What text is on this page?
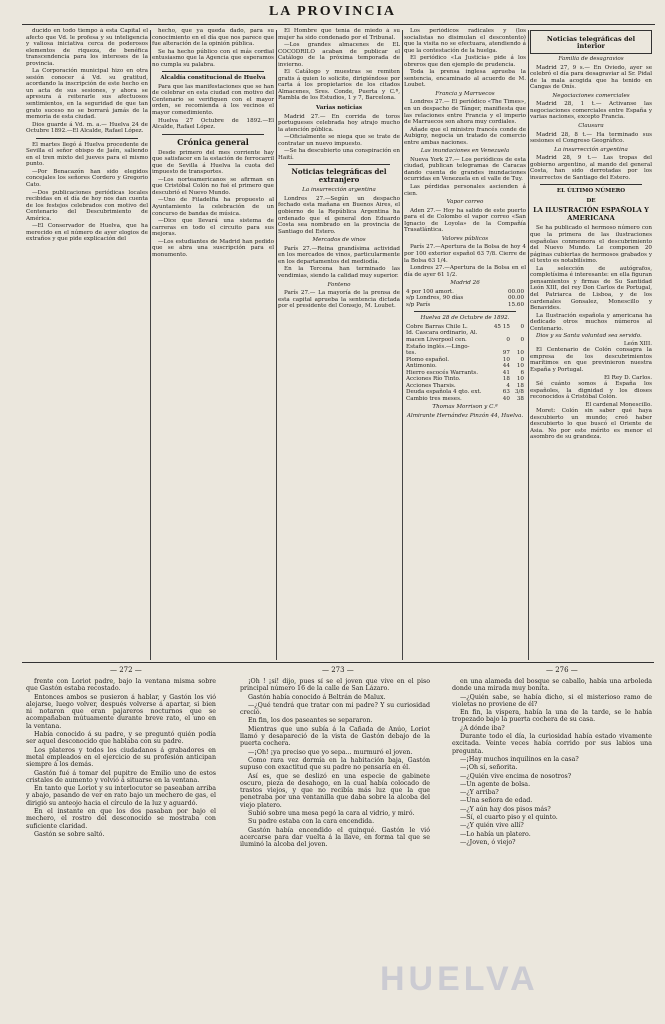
LA PROVINCIA

ducido en todo tiempo á esta Capital el afecto que Vd. le profesa y su inteligencia y valiosa iniciativa cerca de poderosos elementos de riqueza, de benéfica transcendencia para los intereses de la provincia.

La Corporación municipal hizo en otra sesión conocer á Vd. su gratitud, acordando la inscripción de este hecho en un acta de sus sesiones, y ahora se apresura á reiterarle sus afectuosos sentimientos, en la seguridad de que tan grato suceso no se borrará jamás de la memoria de esta ciudad.

Dios guarde á Vd. m. a.— Huelva 24 de Octubre 1892.—El Alcalde, Rafael López.

El martes llegó á Huelva procedente de Sevilla el señor obispo de Jaén, saliendo en el tren mixto del jueves para el mismo punto.

—Por Benacazón han sido elegidos concejales los señores Cordero y Gregorio Cato.

—Dos publicaciones periódicas locales recibidas en el día de hoy nos dan cuenta de los festejos celebrados con motivo del Centenario del Descubrimiento de América.

—El Conservador de Huelva, que ha merecido en el número de ayer elogios de extraños y que pide explicación del

hecho, que ya queda dado, para su conocimiento en el día que nos parece que fue alteración de la opinión pública.

Se ha hecho público con el más cordial entusiasmo que la Agencia que esperamos no cumpla su palabra.

Alcaldía constitucional de Huelva

Para que las manifestaciones que se han de celebrar en esta ciudad con motivo del Centenario se verifiquen con el mayor orden, se recomienda á los vecinos el mayor comedimiento.

Huelva 27 Octubre de 1892.—El Alcalde, Rafael López.

Crónica general

Desde primero del mes corriente hay que satisfacer en la estación de ferrocarril que de Sevilla á Huelva la cuota del impuesto de transportes.

—Los norteamericanos se afirman en que Cristóbal Colón no fué el primero que descubrió el Nuevo Mundo.

—Uno de Filadelfia ha propuesto al Ayuntamiento la celebración de un concurso de bandas de música.

—Dice que llevará una sistema de carreras en todo el circuito para sus mejoras.

—Los estudiantes de Madrid han pedido que se abra una suscripción para el monumento.

El Hombre que tenía de miedo á su mujer ha sido condenado por el Tribunal.

—Los grandes almacenes de EL COCODRILO acaban de publicar el Catálogo de la próxima temporada de invierno.

El Catálogo y muestras se remiten gratis á quien lo solicite, dirigiéndose por carta á los propietarios de los citados Almacenes, Sres. Conde, Puerta y C.ª, Rambla de los Estudios, 1 y 7, Barcelona.

Varias noticias

Madrid 27.— En corrida de toros portugueses celebrada hoy atrajo mucho la atención pública.

—Oficialmente se niega que se trate de contratar un nuevo impuesto.

—Se ha descubierto una conspiración en Haití.

Noticias telegráficas del extranjero
La insurrección argentina

Londres 27.—Según un despacho fechado esta mañana en Buenos Aires, el gobierno de la República Argentina ha ordenado que el general don Eduardo Costa sea nombrado en la provincia de Santiago del Estero.

Mercados de vinos

París 27.—Reina grandísima actividad en los mercados de vinos, particularmente en los departamentos del mediodía.

En la Tercena han terminado las vendimias, siendo la calidad muy superior.

Fonteno

París 27.— La mayoría de la prensa de esta capital aprueba la sentencia dictada por el presidente del Consejo, M. Loubet.

Los periódicos radicales y (los socialistas no disimulan el descontento) que la visita no se efectuara, atendiendo á que la contestación de la huelga.

El periódico «La Justicia» pide á los obreros que den ejemplo de prudencia.

Toda la prensa inglesa aprueba la sentencia, encaminado al acuerdo de M. Loubet.

Francia y Marruecos

Londres 27.— El periódico «The Times», en un despacho de Tánger, manifiesta que las relaciones entre Francia y el imperio de Marruecos son ahora muy cordiales.

Añade que el ministro francés conde de Aubigny, negocia un tratado de comercio entre ambas naciones.

Las inundaciones en Venezuela

Nueva York 27.— Los periódicos de esta ciudad, publican telegramas de Caracas dando cuenta de grandes inundaciones ocurridas en Venezuela en el valle de Tuy.

Las pérdidas personales ascienden á cien.

Vapor correo

Aden 27.— Hoy ha salido de este puerto para el de Colombo el vapor correo «San Ignacio de Loyola» de la Compañía Trasatlántica.

Valores públicos

París 27.—Apertura de la Bolsa de hoy 4 por 100 exterior español 63 7/8. Cierre de la Bolsa 63 1/4.

Londres 27.—Apertura de la Bolsa en el día de ayer 61 1/2.

Madrid 26
4 por 100 amort.	00.00
s/p Londres, 90 días	00.00
s/p París	15.60
Huelva 28 de Octubre de 1892.
Cobre Barras Chile L.	45 15	0
Id. Cascara ordinario, Al.		
macen Liverpool cen.	0	0
Estaño inglés.—Lingo-		
tes.	97	10
Plomo español.	10	0
Antimonio.	44	10
Hierro escocés Warrants.	41	6
Acciones Río Tinto.	18	10
Acciones Tharsis.	4	18
Deuda española 4 qto. ext.	63	3/8
Cambio tres meses.	40	38
Thomas Morrison y C.ª
Almirante Hernández Pinzón 44, Huelva.
Noticias telegráficas del interior
Familia de desagravios

Madrid 27, 9 s.— En Oviedo, ayer se celebró el día para desagraviar al Sr. Pidal de la mala acogida que ha tenido en Cangas de Onís.

Negociaciones comerciales

Madrid 28, 1 t.— Activanse las negociaciones comerciales entre España y varias naciones, excepto Francia.

Clausura

Madrid 28, 8 t.— Ha terminado sus sesiones el Congreso Geográfico.

La insurrección argentina

Madrid 28, 9 t.— Las tropas del gobierno argentino, al mando del general Costa, han sido derrotadas por los insurrectos de Santiago del Estero.

EL ÚLTIMO NÚMERO
DE
LA ILUSTRACIÓN ESPAÑOLA Y AMERICANA

Se ha publicado el hermoso número con que la primera de las ilustraciones españolas conmemora el descubrimiento del Nuevo Mundo. Le componen 20 páginas cubiertas de hermosos grabados y el texto es notabilísimo.

La selección de autógrafos, completísima é interesante: en ella figuran pensamientos y firmas de Su Santidad León XIII, del rey Don Carlos de Portugal, del Patriarca de Lisboa, y de los cardenales Gonsalez, Monescillo y Benavides.

La Ilustración española y americana ha dedicado otros muchos números al Centenario.

Dios y su Santa voluntad sea servido.

León XIII.

El Centenario de Colón consagra la empresa de los descubrimientos marítimos en que previnieron nuestra España y Portugal.

El Rey D. Carlos.

Sé cuánto somos á España los españoles, la dignidad y los dioses reconocidos á Cristóbal Colón.

El cardenal Monescillo.

Moret: Colón sin saber qué haya descubierto un mundo; creó haber descubierto lo que buscó el Oriente de Asia. No por este mérito es menor el asombro de su grandeza.

— 272 —	— 273 —	— 276 —

frente con Loriot padre, bajo la ventana misma sobre que Gastón estaba recostado.

Entonces ambos se pusieron á hablar, y Gastón los vió alejarse, luego volver, después volverse á apartar, si bien ni notaron que eran pajareros nocturnos que se acompañaban mútuamente durante breve rato, el uno en la ventana.

Había conocido á su padre, y se preguntó quién podía ser aquel desconocido que hablaba con su padre.

Los plateros y todos los ciudadanos á grabadores en metal empleados en el ejercicio de su profesión anticipan siempre á los demás.

Gastón fué á tomar del pupitre de Emilio uno de estos cristales de aumento y volvió á situarse en la ventana.

En tanto que Loriot y su interlocutor se paseaban arriba y abajo, pasando de ver en rato bajo un mechero de gas, el dirigió su anteojo hacia el círculo de la luz y aguardó.

En el instante en que los dos pasaban por bajo el mechero, el rostro del desconocido se mostraba con suficiente claridad.

Gastón se sobre saltó.

¡Oh ! ¡sí! dijo, pues sí se el joven que vive en el piso principal número 16 de la calle de San Lázaro.

Gastón había conocido á Beltrán de Malux.

—¿Qué tendrá que tratar con mi padre? Y su curiosidad creció.

En fin, los dos paseantes se separaron.

Mientras que uno subía á la Cañada de Anúo, Loriot llamó y desapareció de la vista de Gastón debajo de la puerta cochera.

—¡Oh! ¡ya preciso que yo sepa... murmuró el joven.

Como rara vez dormía en la habitación baja, Gastón supuso con exactitud que su padre no pensaría en él.

Así es, que se deslizó en una especie de gabinete oscuro, pieza de desahogo, en la cual había colocado de trastos viejos, y que no recibía más luz que la que penetraba por una ventanilla que daba sobre la alcoba del viejo platero.

Subió sobre una mesa pegó la cara al vidrio, y miró.

Su padre estaba con la cara encendida.

Gastón había encendido el quinqué. Gastón le vió acercarse para dar vuelta á la llave, en forma tal que se iluminó la alcoba del joven.

en una alameda del bosque se caballo, había una arboleda donde una mirada muy bonita.

—¿Quién sabe, se había dicho, si el misterioso ramo de violetas no proviene de él?

En fin, la víspera, había la una de la tarde, se le había tropezado bajo la puerta cochera de su casa.

¿A dónde iba?

Durante todo el día, la curiosidad había estado vivamente excitada. Veinte veces había corrido por sus labios una pregunta.

—¡Hay muchos inquilinos en la casa?

—¡Oh sí, señorita.

—¿Quién vive encima de nosotros?

—Un agente de bolsa.

—¿Y arriba?

—Una señora de edad.

—¿Y aún hay dos pisos más?

—Sí, el cuarto piso y el quinto.

—¿Y quién vive allí?

—Lo había un platero.

—¿Joven, ó viejo?

HUELVA
